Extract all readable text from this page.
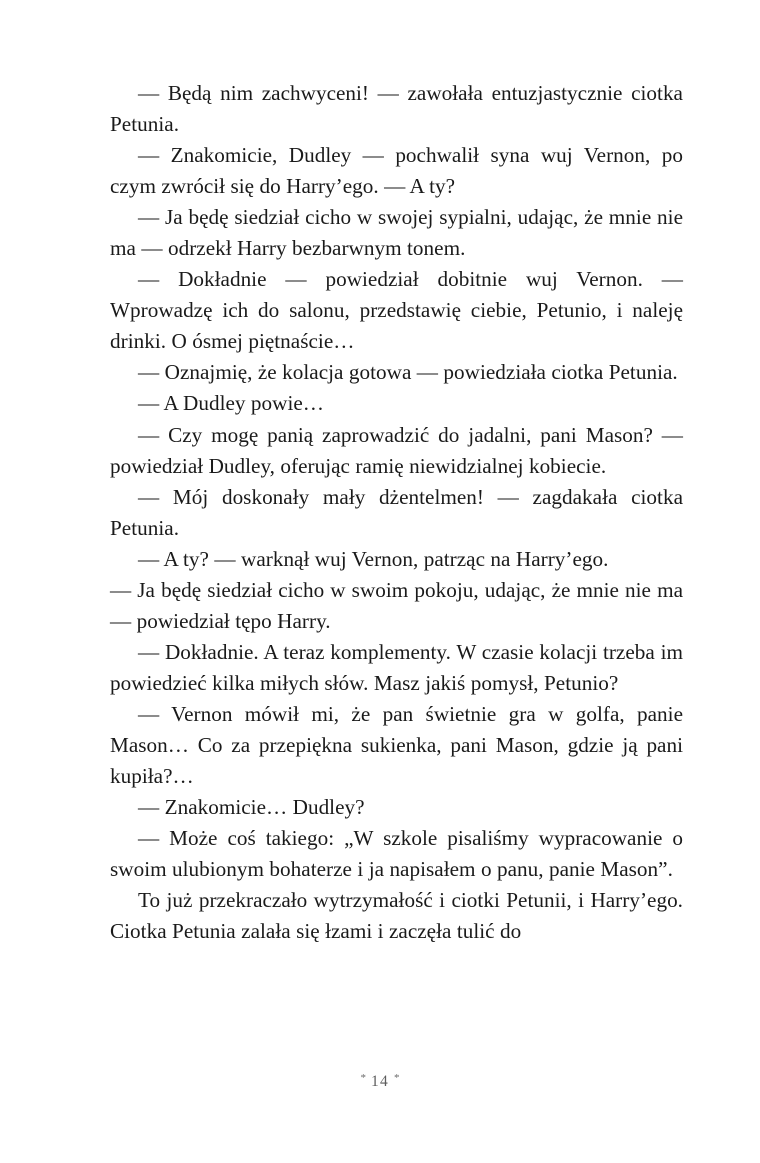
— Będą nim zachwyceni! — zawołała entuzjastycznie ciotka Petunia.

— Znakomicie, Dudley — pochwalił syna wuj Vernon, po czym zwrócił się do Harry’ego. — A ty?

— Ja będę siedział cicho w swojej sypialni, udając, że mnie nie ma — odrzekł Harry bezbarwnym tonem.

— Dokładnie — powiedział dobitnie wuj Vernon. — Wprowadzę ich do salonu, przedstawię ciebie, Petunio, i naleję drinki. O ósmej piętnaście…

— Oznajmię, że kolacja gotowa — powiedziała ciotka Petunia.

— A Dudley powie…

— Czy mogę panią zaprowadzić do jadalni, pani Mason? — powiedział Dudley, oferując ramię niewidzialnej kobiecie.

— Mój doskonały mały dżentelmen! — zagdakała ciotka Petunia.

— A ty? — warknął wuj Vernon, patrząc na Harry’ego.

— Ja będę siedział cicho w swoim pokoju, udając, że mnie nie ma — powiedział tępo Harry.

— Dokładnie. A teraz komplementy. W czasie kolacji trzeba im powiedzieć kilka miłych słów. Masz jakiś pomysł, Petunio?

— Vernon mówił mi, że pan świetnie gra w golfa, panie Mason… Co za przepiękna sukienka, pani Mason, gdzie ją pani kupiła?…

— Znakomicie… Dudley?

— Może coś takiego: „W szkole pisaliśmy wypracowanie o swoim ulubionym bohaterze i ja napisałem o panu, panie Mason”.

To już przekraczało wytrzymałość i ciotki Petunii, i Harry’ego. Ciotka Petunia zalała się łzami i zaczęła tulić do

* 14 *
